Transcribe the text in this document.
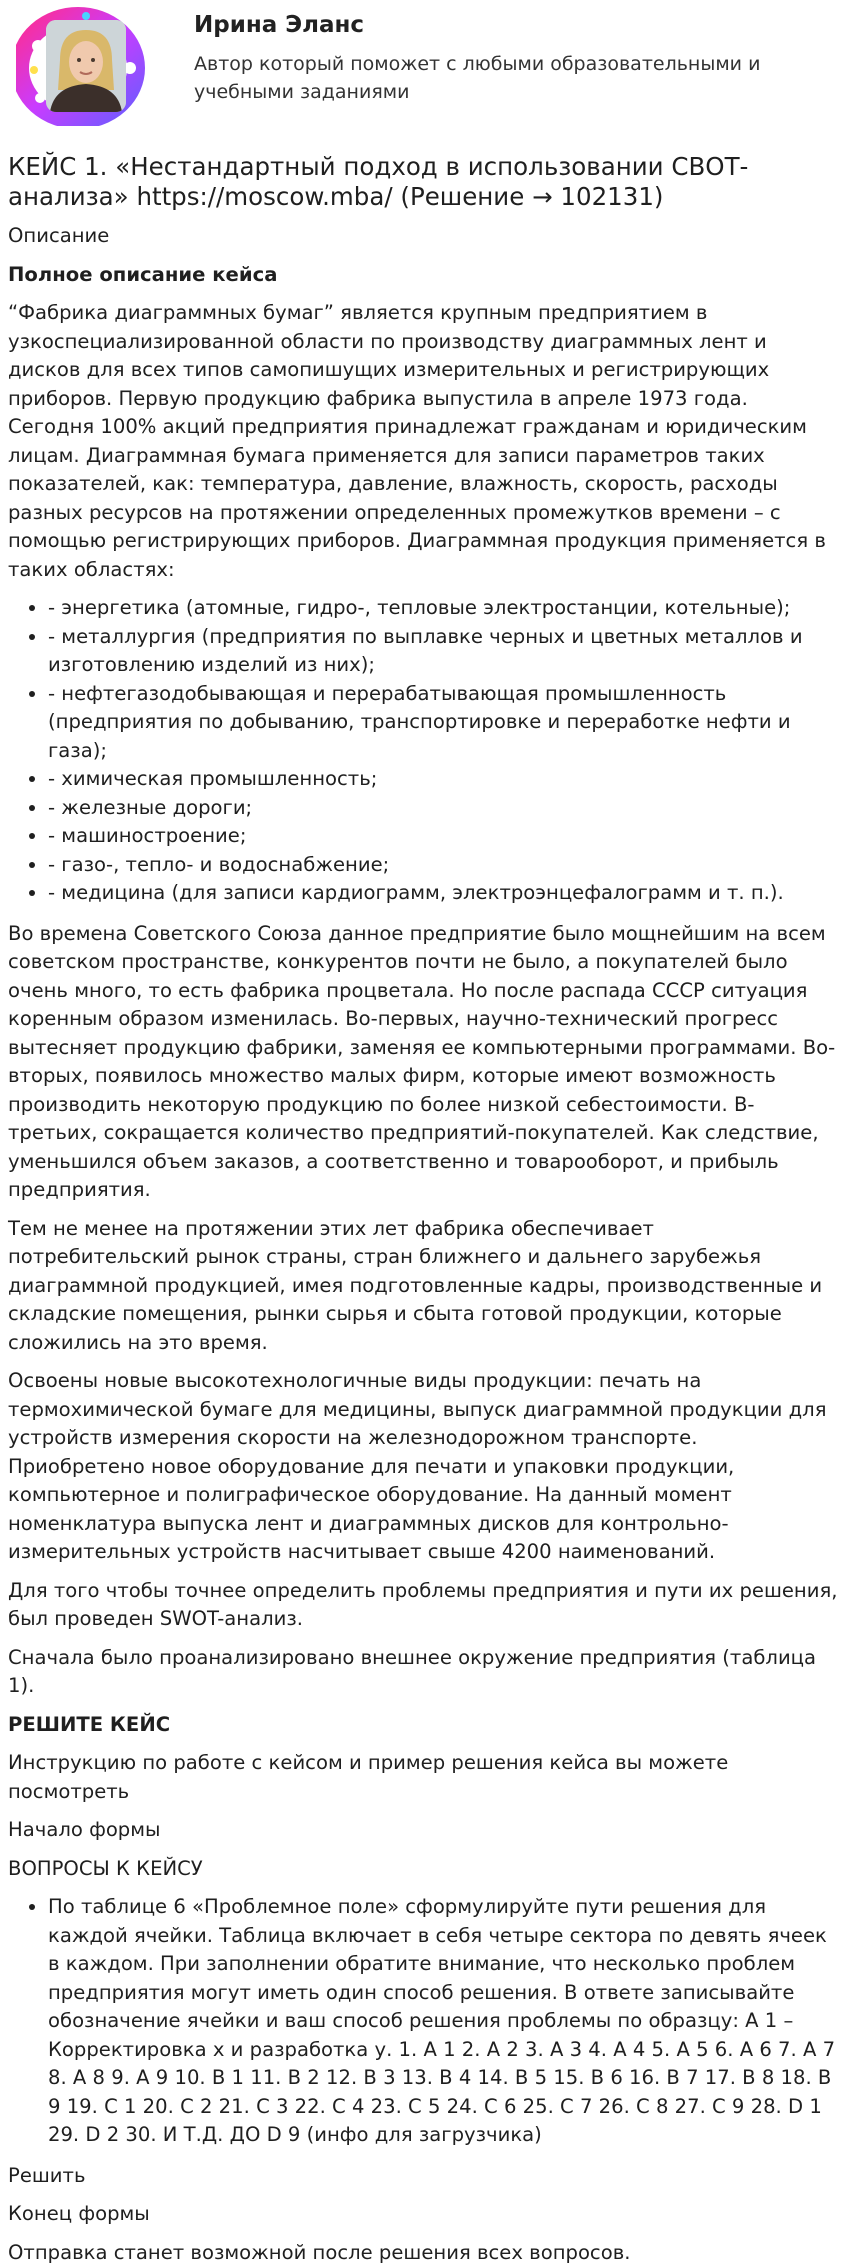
Ирина Эланс
Автор который поможет с любыми образовательными и учебными заданиями
КЕЙС 1. «Нестандартный подход в использовании СВОТ-анализа» https://moscow.mba/ (Решение → 102131)

Описание

Полное описание кейса

“Фабрика диаграммных бумаг” является крупным предприятием в узкоспециализированной области по производству диаграммных лент и дисков для всех типов самопишущих измерительных и регистрирующих приборов. Первую продукцию фабрика выпустила в апреле 1973 года. Сегодня 100% акций предприятия принадлежат гражданам и юридическим лицам. Диаграммная бумага применяется для записи параметров таких показателей, как: температура, давление, влажность, скорость, расходы разных ресурсов на протяжении определенных промежутков времени – с помощью регистрирующих приборов. Диаграммная продукция применяется в таких областях:

• - энергетика (атомные, гидро-, тепловые электростанции, котельные);
• - металлургия (предприятия по выплавке черных и цветных металлов и изготовлению изделий из них);
• - нефтегазодобывающая и перерабатывающая промышленность (предприятия по добыванию, транспортировке и переработке нефти и газа);
• - химическая промышленность;
• - железные дороги;
• - машиностроение;
• - газо-, тепло- и водоснабжение;
• - медицина (для записи кардиограмм, электроэнцефалограмм и т. п.).

Во времена Советского Союза данное предприятие было мощнейшим на всем советском пространстве, конкурентов почти не было, а покупателей было очень много, то есть фабрика процветала. Но после распада СССР ситуация коренным образом изменилась. Во-первых, научно-технический прогресс вытесняет продукцию фабрики, заменяя ее компьютерными программами. Во-вторых, появилось множество малых фирм, которые имеют возможность производить некоторую продукцию по более низкой себестоимости. В-третьих, сокращается количество предприятий-покупателей. Как следствие, уменьшился объем заказов, а соответственно и товарооборот, и прибыль предприятия.

Тем не менее на протяжении этих лет фабрика обеспечивает потребительский рынок страны, стран ближнего и дальнего зарубежья диаграммной продукцией, имея подготовленные кадры, производственные и складские помещения, рынки сырья и сбыта готовой продукции, которые сложились на это время.

Освоены новые высокотехнологичные виды продукции: печать на термохимической бумаге для медицины, выпуск диаграммной продукции для устройств измерения скорости на железнодорожном транспорте. Приобретено новое оборудование для печати и упаковки продукции, компьютерное и полиграфическое оборудование. На данный момент номенклатура выпуска лент и диаграммных дисков для контрольно-измерительных устройств насчитывает свыше 4200 наименований.

Для того чтобы точнее определить проблемы предприятия и пути их решения, был проведен SWOT-анализ.

Сначала было проанализировано внешнее окружение предприятия (таблица 1).

РЕШИТЕ КЕЙС

Инструкцию по работе с кейсом и пример решения кейса вы можете посмотреть

Начало формы

ВОПРОСЫ К КЕЙСУ

• По таблице 6 «Проблемное поле» сформулируйте пути решения для каждой ячейки. Таблица включает в себя четыре сектора по девять ячеек в каждом. При заполнении обратите внимание, что несколько проблем предприятия могут иметь один способ решения. В ответе записывайте обозначение ячейки и ваш способ решения проблемы по образцу: А 1 – Корректировка х и разработка у. 1. A 1 2. A 2 3. A 3 4. A 4 5. A 5 6. A 6 7. A 7 8. A 8 9. A 9 10. B 1 11. B 2 12. B 3 13. B 4 14. B 5 15. B 6 16. B 7 17. B 8 18. B 9 19. C 1 20. C 2 21. C 3 22. C 4 23. C 5 24. C 6 25. C 7 26. C 8 27. C 9 28. D 1 29. D 2 30. И Т.Д. ДО D 9 (инфо для загрузчика)

Решить

Конец формы

Отправка станет возможной после решения всех вопросов.
